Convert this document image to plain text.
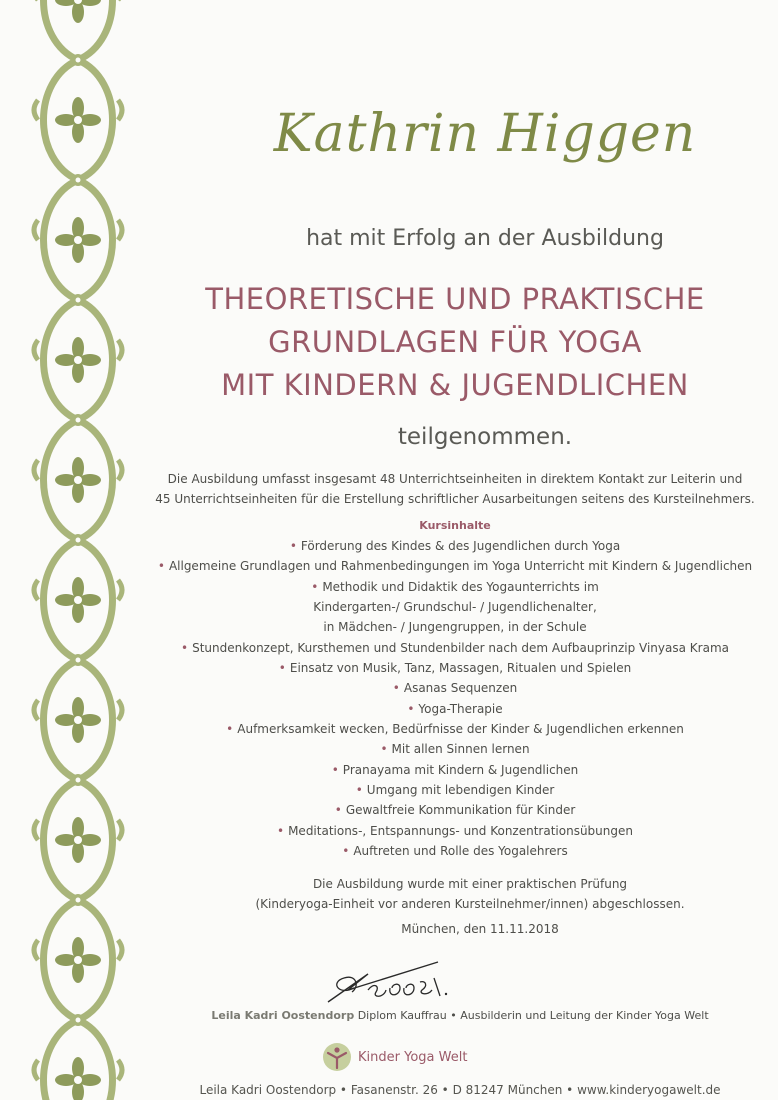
Kathrin Higgen
hat mit Erfolg an der Ausbildung
THEORETISCHE UND PRAKTISCHE
GRUNDLAGEN FÜR YOGA
MIT KINDERN & JUGENDLICHEN
teilgenommen.
Die Ausbildung umfasst insgesamt 48 Unterrichtseinheiten in direktem Kontakt zur Leiterin und
45 Unterrichtseinheiten für die Erstellung schriftlicher Ausarbeitungen seitens des Kursteilnehmers.
Kursinhalte
• Förderung des Kindes & des Jugendlichen durch Yoga
• Allgemeine Grundlagen und Rahmenbedingungen im Yoga Unterricht mit Kindern & Jugendlichen
• Methodik und Didaktik des Yogaunterrichts im
Kindergarten-/ Grundschul- / Jugendlichenalter,
in Mädchen- / Jungengruppen, in der Schule
• Stundenkonzept, Kursthemen und Stundenbilder nach dem Aufbauprinzip Vinyasa Krama
• Einsatz von Musik, Tanz, Massagen, Ritualen und Spielen
• Asanas Sequenzen
• Yoga-Therapie
• Aufmerksamkeit wecken, Bedürfnisse der Kinder & Jugendlichen erkennen
• Mit allen Sinnen lernen
• Pranayama mit Kindern & Jugendlichen
• Umgang mit lebendigen Kinder
• Gewaltfreie Kommunikation für Kinder
• Meditations-, Entspannungs- und Konzentrationsübungen
• Auftreten und Rolle des Yogalehrers
Die Ausbildung wurde mit einer praktischen Prüfung
(Kinderyoga-Einheit vor anderen Kursteilnehmer/innen) abgeschlossen.
München, den 11.11.2018
Leila Kadri Oostendorp Diplom Kauffrau • Ausbilderin und Leitung der Kinder Yoga Welt
Kinder Yoga Welt
Leila Kadri Oostendorp • Fasanenstr. 26 • D 81247 München • www.kinderyogawelt.de
